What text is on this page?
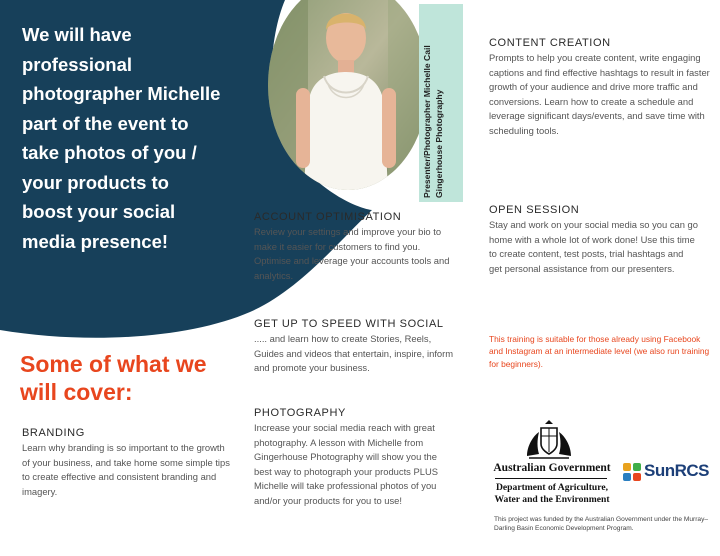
We will have professional photographer Michelle part of the event to take photos of you / your products to boost your social media presence!
Presenter/Photographer Michelle Cail Gingerhouse Photography
Some of what we will cover:
BRANDING

Learn why branding is so important to the growth of your business, and take home some simple tips to create effective and consistent branding and imagery.

ACCOUNT OPTIMISATION

Review your settings and improve your bio to make it easier for customers to find you. Optimise and leverage your accounts tools and analytics.

GET UP TO SPEED WITH SOCIAL

..... and learn how to create Stories, Reels, Guides and videos that entertain, inspire, inform and promote your business.

PHOTOGRAPHY

Increase your social media reach with great photography. A lesson with Michelle from Gingerhouse Photography will show you the best way to photograph your products PLUS Michelle will take professional photos of you and/or your products for you to use!

CONTENT CREATION

Prompts to help you create content, write engaging captions and find effective hashtags to result in faster growth of your audience and drive more traffic and conversions. Learn how to create a schedule and leverage significant days/events, and save time with scheduling tools.

OPEN SESSION

Stay and work on your social media so you can go home with a whole lot of work done! Use this time to create content, test posts, trial hashtags and get personal assistance from our presenters.

This training is suitable for those already using Facebook and Instagram at an intermediate level (we also run training for beginners).
Australian Government
Department of Agriculture, Water and the Environment
SunRCS
This project was funded by the Australian Government under the Murray–Darling Basin Economic Development Program.
